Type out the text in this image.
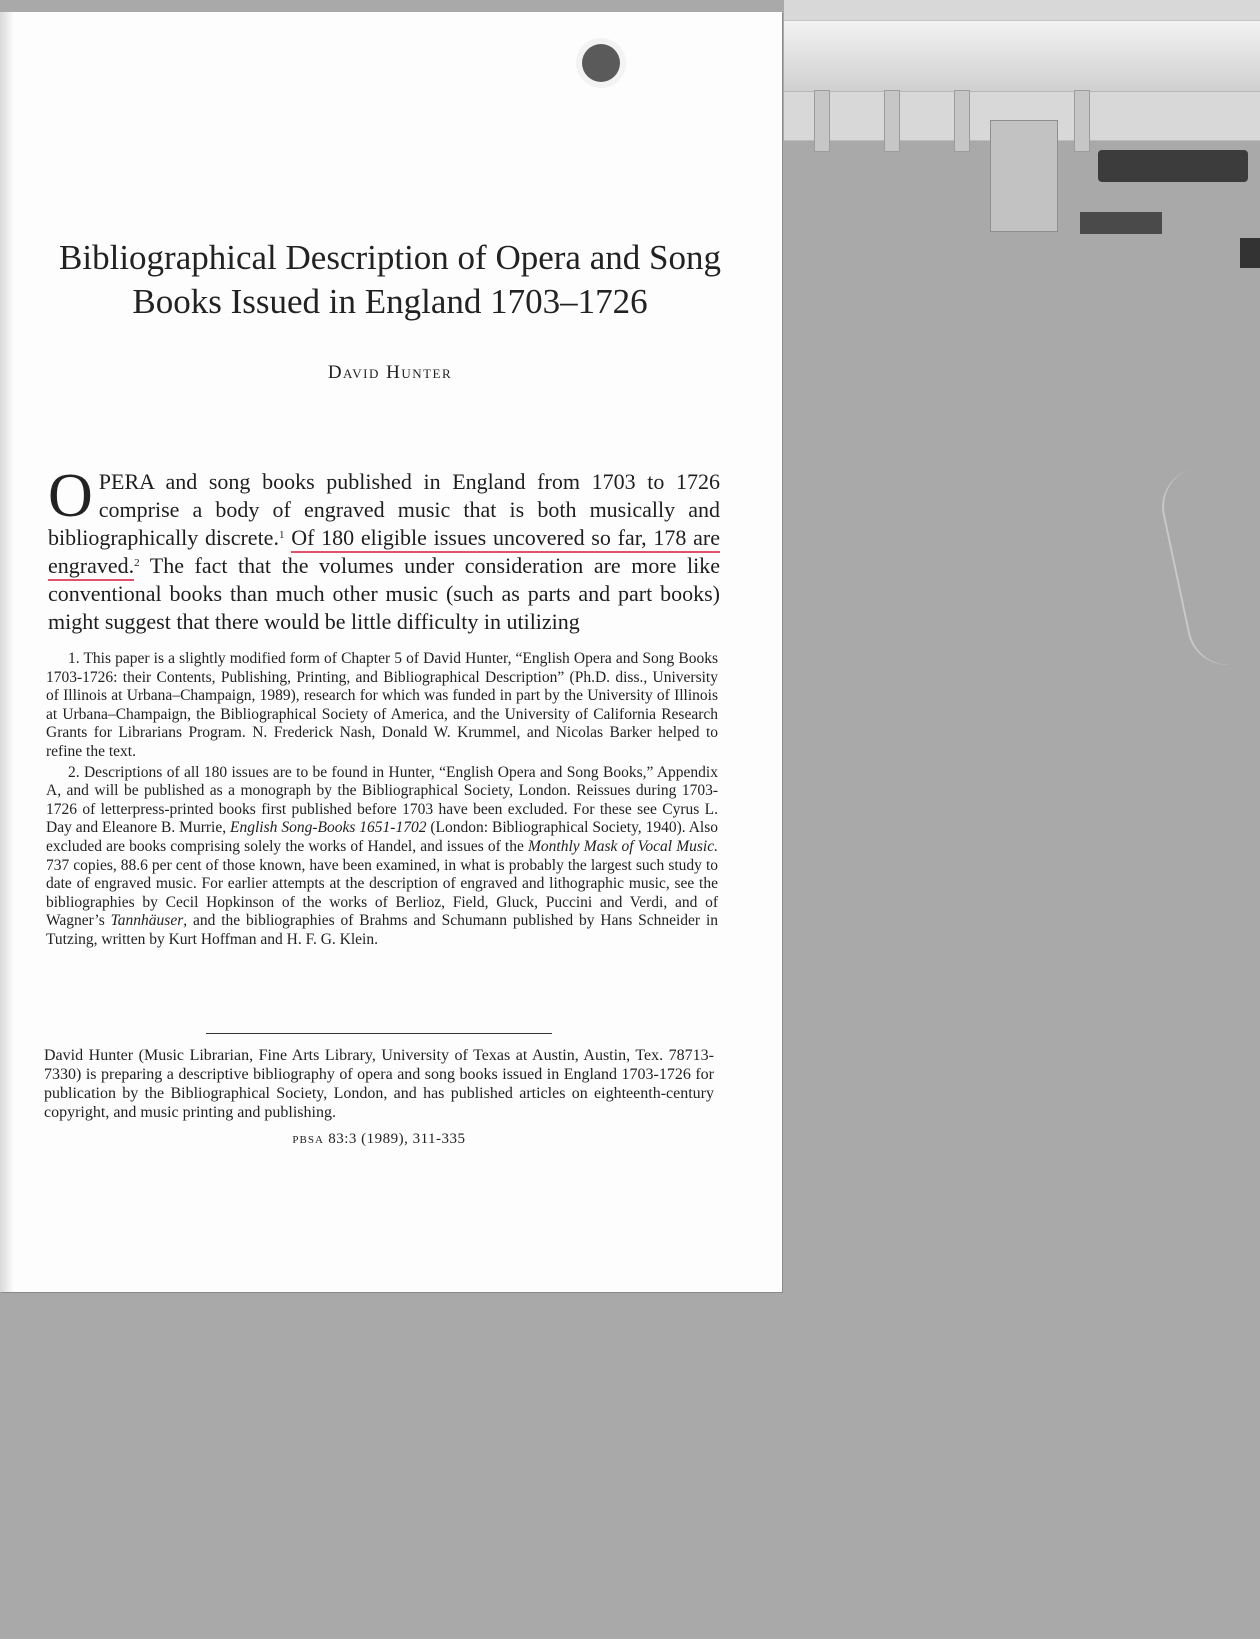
Bibliographical Description of Opera and Song
Books Issued in England 1703–1726
David Hunter
OPERA and song books published in England from 1703 to 1726 comprise a body of engraved music that is both musically and bibliographically discrete.$^1$ Of 180 eligible issues uncovered so far, 178 are engraved.$^2$ The fact that the volumes under consideration are more like conventional books than much other music (such as parts and part books) might suggest that there would be little difficulty in utilizing

1. This paper is a slightly modified form of Chapter 5 of David Hunter, “English Opera and Song Books 1703-1726: their Contents, Publishing, Printing, and Bibliographical Description” (Ph.D. diss., University of Illinois at Urbana–Champaign, 1989), research for which was funded in part by the University of Illinois at Urbana–Champaign, the Bibliographical Society of America, and the University of California Research Grants for Librarians Program. N. Frederick Nash, Donald W. Krummel, and Nicolas Barker helped to refine the text.

2. Descriptions of all 180 issues are to be found in Hunter, “English Opera and Song Books,” Appendix A, and will be published as a monograph by the Bibliographical Society, London. Reissues during 1703-1726 of letterpress-printed books first published before 1703 have been excluded. For these see Cyrus L. Day and Eleanore B. Murrie, English Song-Books 1651-1702 (London: Bibliographical Society, 1940). Also excluded are books comprising solely the works of Handel, and issues of the Monthly Mask of Vocal Music. 737 copies, 88.6 per cent of those known, have been examined, in what is probably the largest such study to date of engraved music. For earlier attempts at the description of engraved and lithographic music, see the bibliographies by Cecil Hopkinson of the works of Berlioz, Field, Gluck, Puccini and Verdi, and of Wagner’s Tannhäuser, and the bibliographies of Brahms and Schumann published by Hans Schneider in Tutzing, written by Kurt Hoffman and H. F. G. Klein.

David Hunter (Music Librarian, Fine Arts Library, University of Texas at Austin, Austin, Tex. 78713-7330) is preparing a descriptive bibliography of opera and song books issued in England 1703-1726 for publication by the Bibliographical Society, London, and has published articles on eighteenth-century copyright, and music printing and publishing.
PBSA 83:3 (1989), 311-335
